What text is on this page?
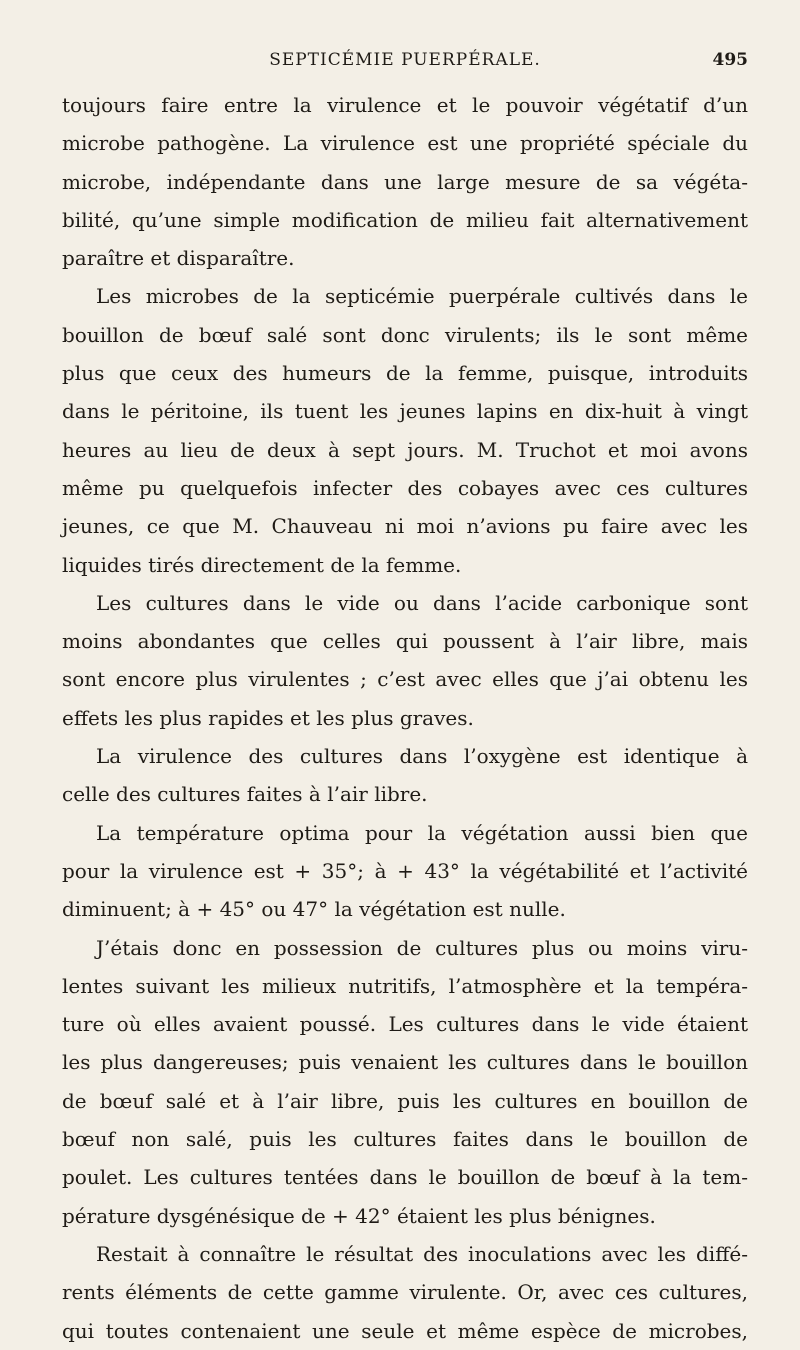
SEPTICÉMIE PUERPÉRALE.	495
toujours faire entre la virulence et le pouvoir végétatif d’un
microbe pathogène. La virulence est une propriété spéciale du
microbe, indépendante dans une large mesure de sa végéta-
bilité, qu’une simple modification de milieu fait alternativement
paraître et disparaître.
Les microbes de la septicémie puerpérale cultivés dans le
bouillon de bœuf salé sont donc virulents; ils le sont même
plus que ceux des humeurs de la femme, puisque, introduits
dans le péritoine, ils tuent les jeunes lapins en dix-huit à vingt
heures au lieu de deux à sept jours. M. Truchot et moi avons
même pu quelquefois infecter des cobayes avec ces cultures
jeunes, ce que M. Chauveau ni moi n’avions pu faire avec les
liquides tirés directement de la femme.
Les cultures dans le vide ou dans l’acide carbonique sont
moins abondantes que celles qui poussent à l’air libre, mais
sont encore plus virulentes ; c’est avec elles que j’ai obtenu les
effets les plus rapides et les plus graves.
La virulence des cultures dans l’oxygène est identique à
celle des cultures faites à l’air libre.
La température optima pour la végétation aussi bien que
pour la virulence est + 35°; à + 43° la végétabilité et l’activité
diminuent; à + 45° ou 47° la végétation est nulle.
J’étais donc en possession de cultures plus ou moins viru-
lentes suivant les milieux nutritifs, l’atmosphère et la tempéra-
ture où elles avaient poussé. Les cultures dans le vide étaient
les plus dangereuses; puis venaient les cultures dans le bouillon
de bœuf salé et à l’air libre, puis les cultures en bouillon de
bœuf non salé, puis les cultures faites dans le bouillon de
poulet. Les cultures tentées dans le bouillon de bœuf à la tem-
pérature dysgénésique de + 42° étaient les plus bénignes.
Restait à connaître le résultat des inoculations avec les diffé-
rents éléments de cette gamme virulente. Or, avec ces cultures,
qui toutes contenaient une seule et même espèce de microbes,
